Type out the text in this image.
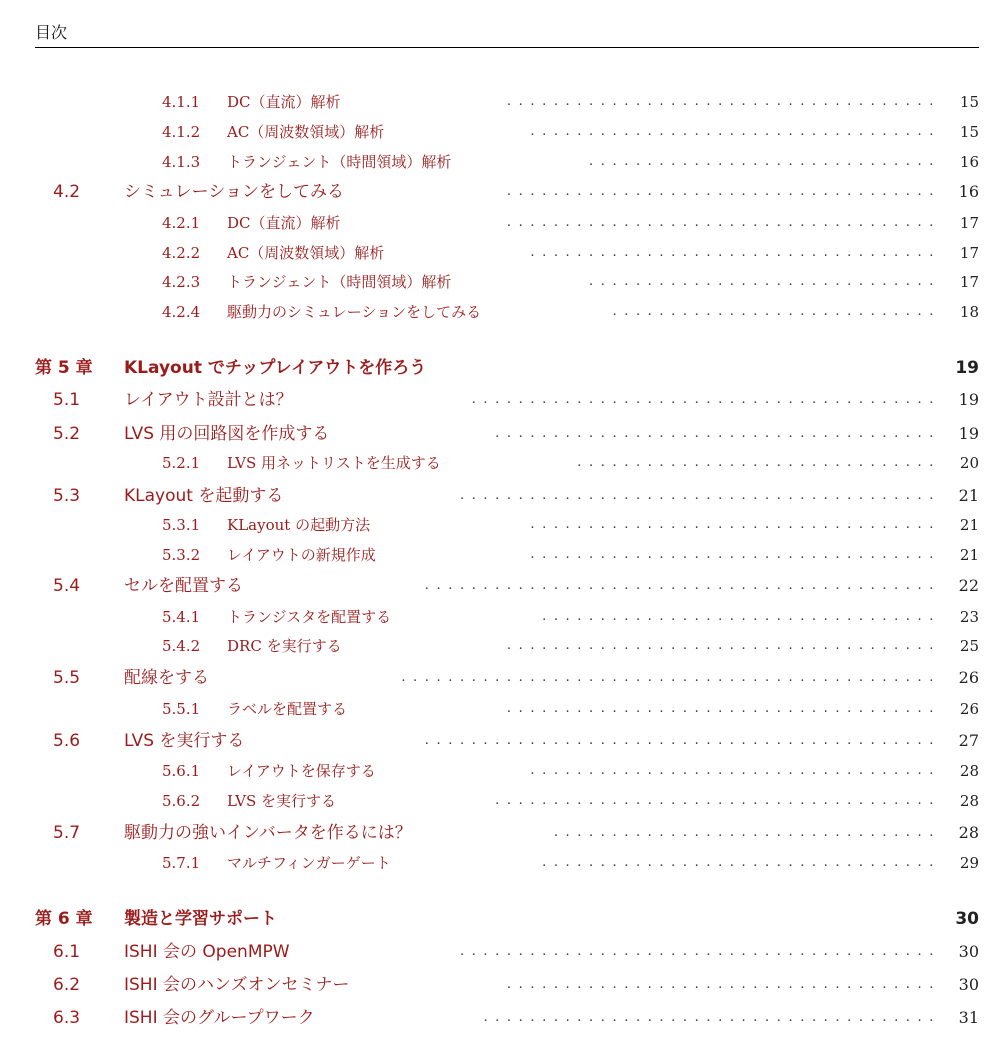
目次
4.1.1 DC（直流）解析	15
.....................................
4.1.2 AC（周波数領域）解析	15
...................................
4.1.3 トランジェント（時間領域）解析	16
..............................
4.2	シミュレーションをしてみる	16
.....................................
4.2.1 DC（直流）解析	17
.....................................
4.2.2 AC（周波数領域）解析	17
...................................
4.2.3 トランジェント（時間領域）解析	17
..............................
4.2.4 駆動力のシミュレーションをしてみる	18
............................
第 5 章 KLayout でチップレイアウトを作ろう	19
5.1	レイアウト設計とは？	19
........................................
5.2	LVS 用の回路図を作成する	19
......................................
5.2.1 LVS 用ネットリストを生成する	20
...............................
5.3	KLayout を起動する	21
.........................................
5.3.1 KLayout の起動方法	21
...................................
5.3.2 レイアウトの新規作成	21
...................................
5.4	セルを配置する	22
............................................
5.4.1 トランジスタを配置する	23
..................................
5.4.2 DRC を実行する	25
.....................................
5.5	配線をする	26
..............................................
5.5.1 ラベルを配置する	26
.....................................
5.6	LVS を実行する	27
............................................
5.6.1 レイアウトを保存する	28
...................................
5.6.2 LVS を実行する	28
......................................
5.7	駆動力の強いインバータを作るには？	28
.................................
5.7.1 マルチフィンガーゲート	29
..................................
第 6 章 製造と学習サポート	30
6.1	ISHI 会の OpenMPW	30
.........................................
6.2	ISHI 会のハンズオンセミナー	30
.....................................
6.3	ISHI 会のグループワーク	31
.......................................
